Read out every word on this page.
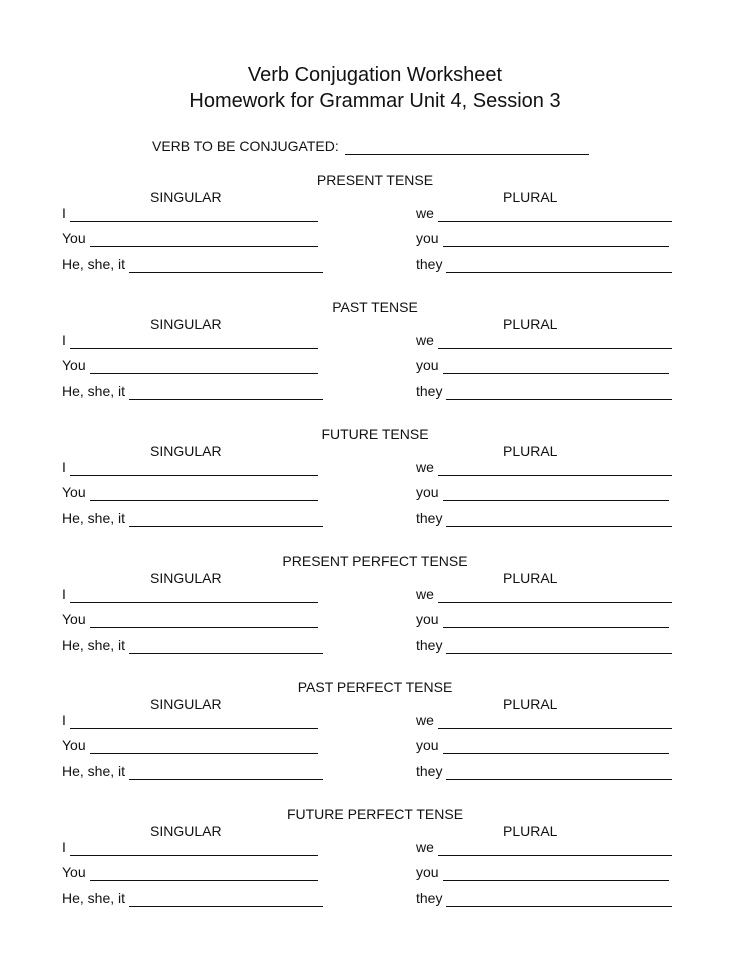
Verb Conjugation Worksheet
Homework for Grammar Unit 4, Session 3
VERB TO BE CONJUGATED:
PRESENT TENSE
SINGULAR	PLURAL
I	we
You	you
He, she, it	they
PAST TENSE
SINGULAR	PLURAL
I	we
You	you
He, she, it	they
FUTURE TENSE
SINGULAR	PLURAL
I	we
You	you
He, she, it	they
PRESENT PERFECT TENSE
SINGULAR	PLURAL
I	we
You	you
He, she, it	they
PAST PERFECT TENSE
SINGULAR	PLURAL
I	we
You	you
He, she, it	they
FUTURE PERFECT TENSE
SINGULAR	PLURAL
I	we
You	you
He, she, it	they
